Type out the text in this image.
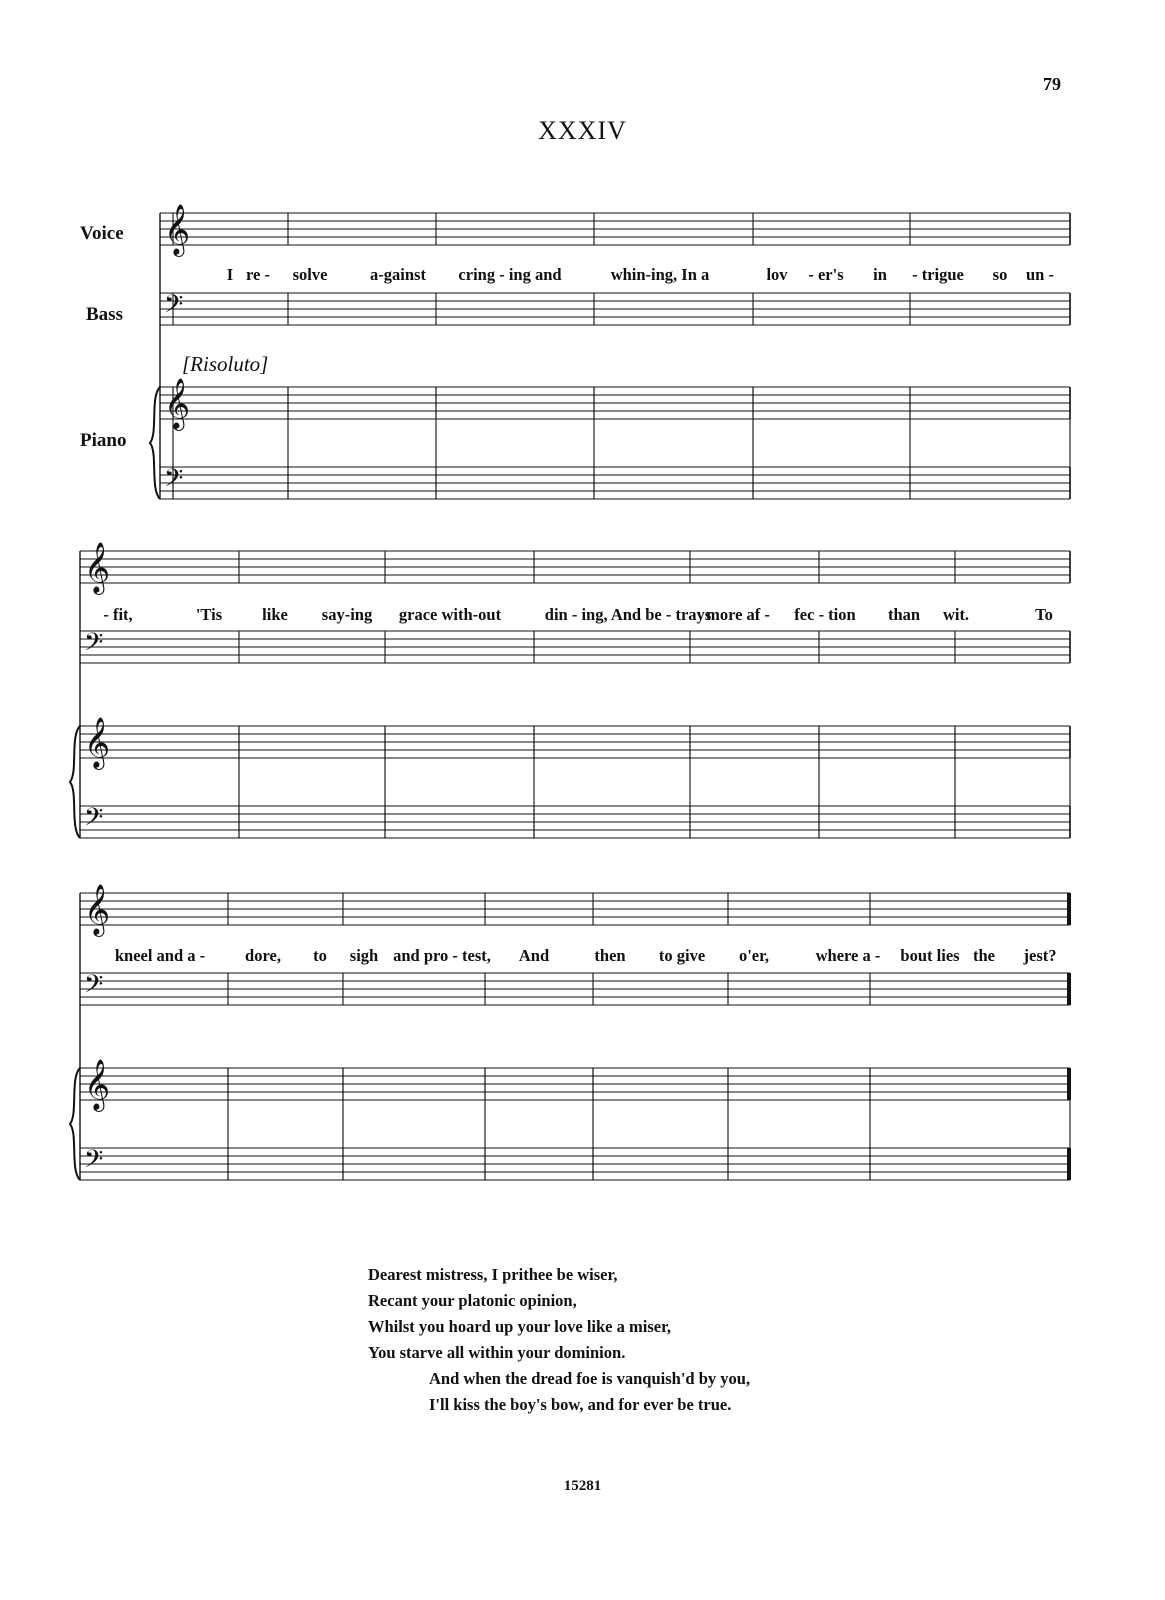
79
XXXIV
Voice
Bass
Piano
[Risoluto]
𝄞
𝄢
𝄞
𝄢
𝄞
𝄢
𝄞
𝄢
𝄞
𝄢
𝄞
𝄢
I re - solve	a-gainst cring - ing and	whin-ing, In a	lov - er's in - trigue so un -
- fit,	'Tis like say-ing grace with-out	din - ing, And be - trays
more af - fec - tion than wit.	To
kneel and a - dore, to sigh and pro - test, And	then to give o'er,	where a - bout lies the jest?
Dearest mistress, I prithee be wiser,
Recant your platonic opinion,
Whilst you hoard up your love like a miser,
You starve all within your dominion.
And when the dread foe is vanquish'd by you,
I'll kiss the boy's bow, and for ever be true.
15281
